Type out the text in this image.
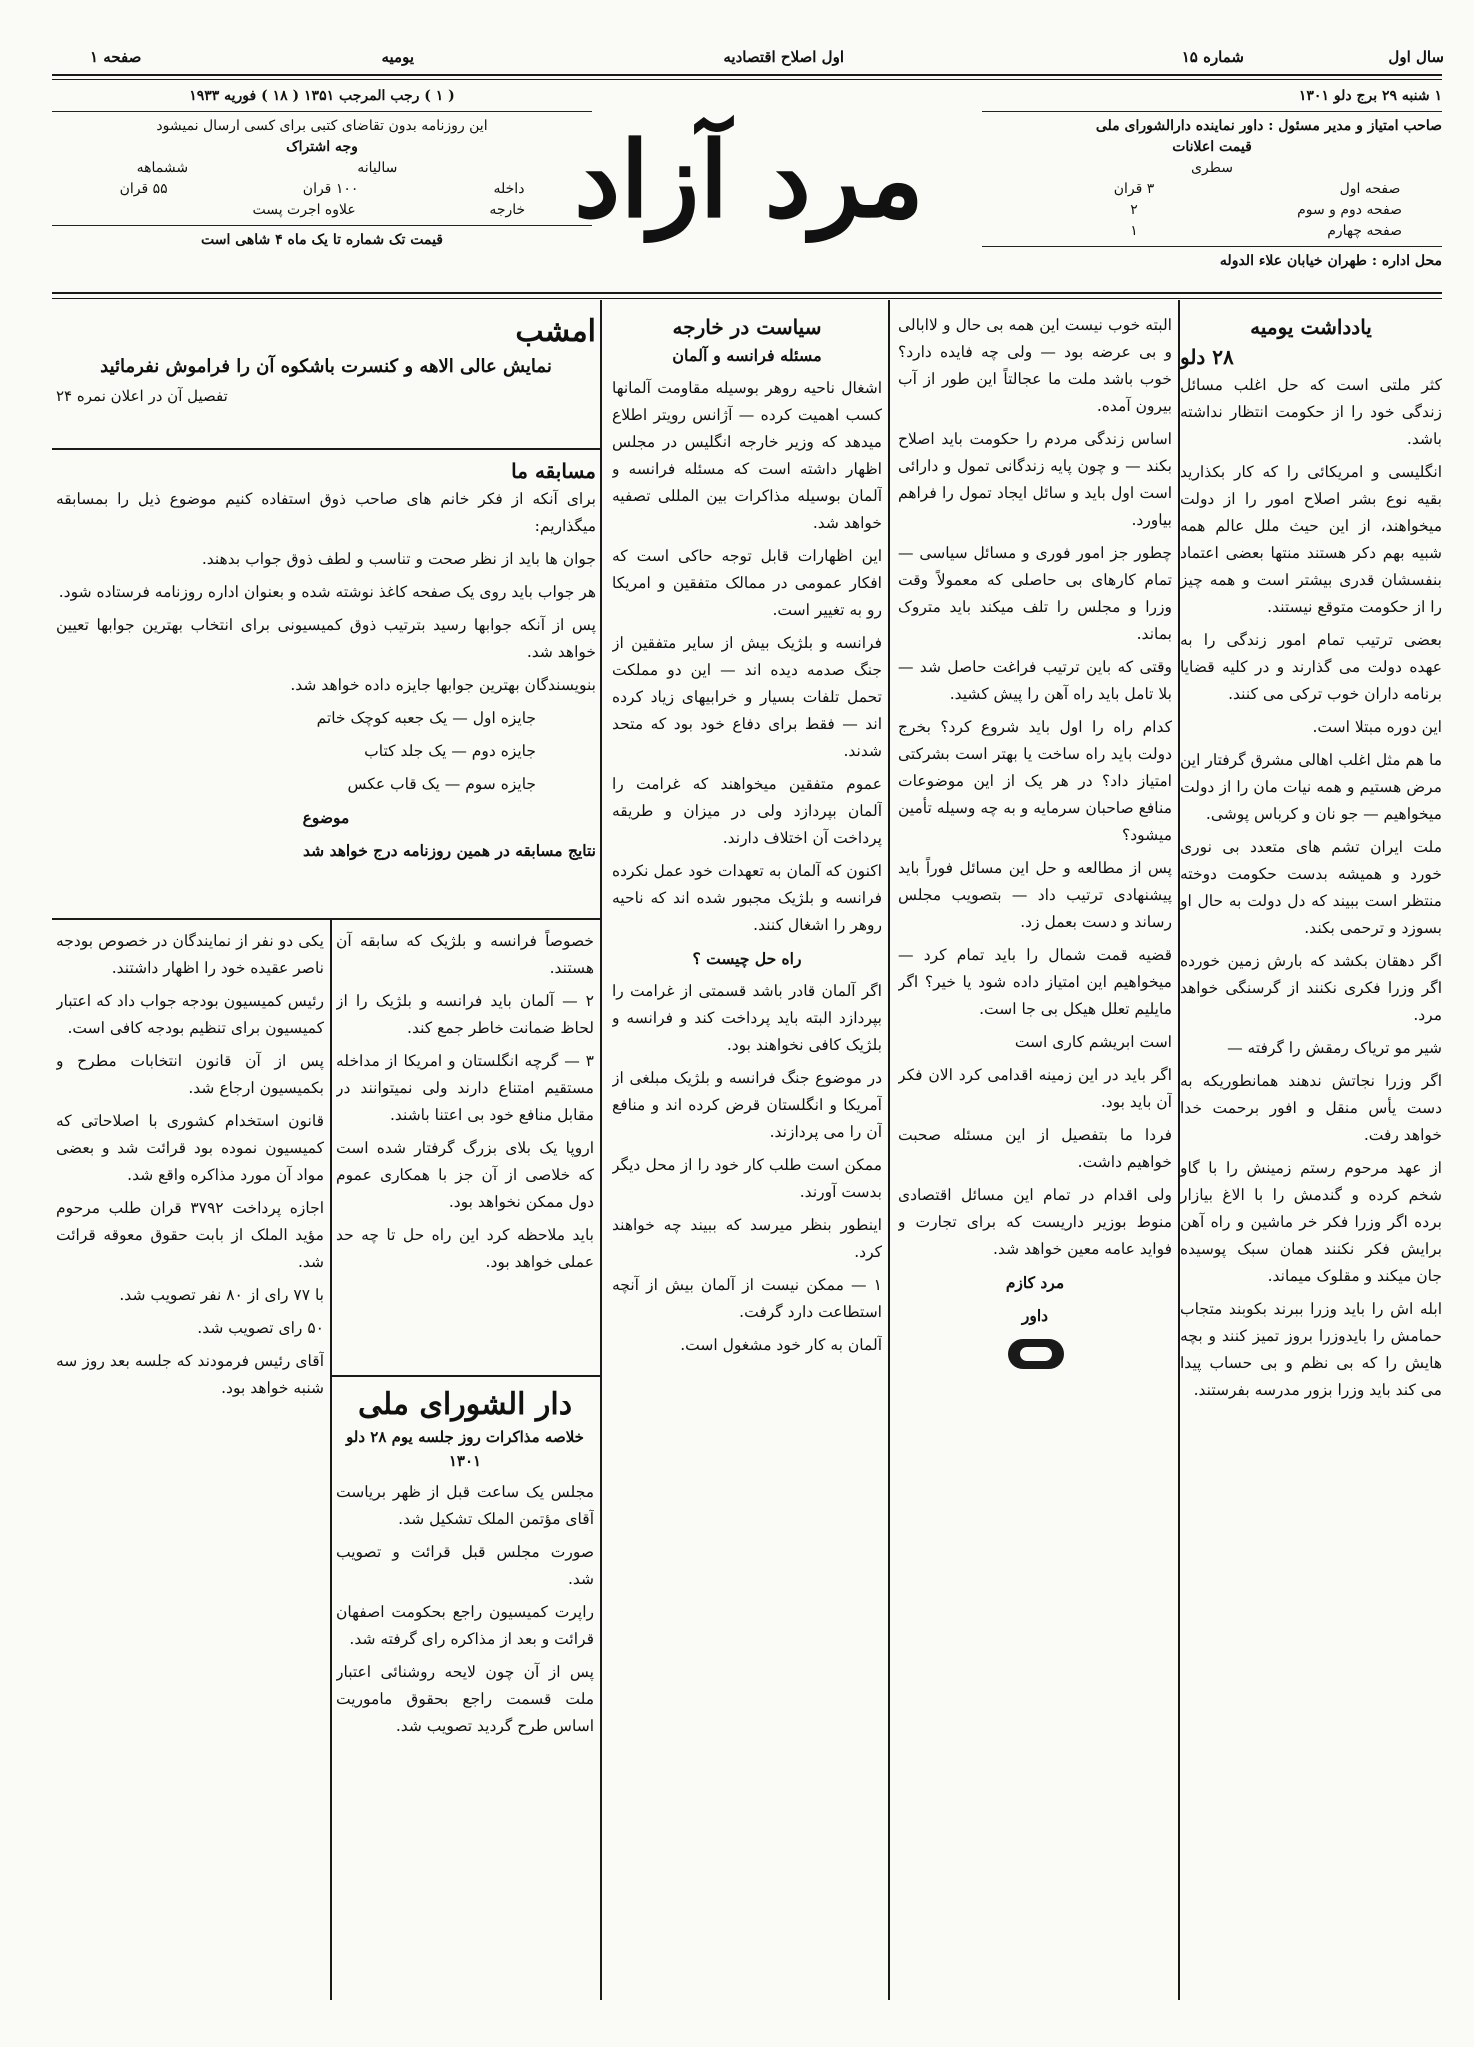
سال اول
شماره ۱۵
اول اصلاح اقتصادیه
یومیه
صفحه ۱
۱ شنبه ۲۹ برج دلو ۱۳۰۱
صاحب امتیاز و مدیر مسئول : داور نماینده دارالشورای ملی
قیمت اعلانات
سطری
صفحه اول
۳ قران
صفحه دوم و سوم
۲
صفحه چهارم
۱
محل اداره : طهران خیابان علاء الدوله
مرد آزاد
( ۱ ) رجب المرجب ۱۳۵۱ ( ۱۸ ) فوریه ۱۹۳۳
این روزنامه بدون تقاضای کتبی برای کسی ارسال نمیشود
وجه اشتراک
سالیانه
ششماهه
داخله
۱۰۰ قران
۵۵ قران
خارجه
علاوه اجرت پست
قیمت تک شماره تا یک ماه ۴ شاهی است
یادداشت یومیه
۲۸ دلو

کثر ملتی است که حل اغلب مسائل زندگی خود را از حکومت انتظار نداشته باشد.

انگلیسی و امریکائی را که کار بکذارید بقیه نوع بشر اصلاح امور را از دولت میخواهند، از این حیث ملل عالم همه شبیه بهم دکر هستند منتها بعضی اعتماد بنفسشان قدری بیشتر است و همه چیز را از حکومت متوقع نیستند.

بعضی ترتیب تمام امور زندگی را به عهده دولت می گذارند و در کلیه قضایا برنامه داران خوب ترکی می کنند.

این دوره مبتلا است.

ما هم مثل اغلب اهالی مشرق گرفتار این مرض هستیم و همه نیات مان را از دولت میخواهیم — جو نان و کرباس پوشی.

ملت ایران تشم های متعدد بی نوری خورد و همیشه بدست حکومت دوخته منتظر است ببیند که دل دولت به حال او بسوزد و ترحمی بکند.

اگر دهقان بکشد که بارش زمین خورده اگر وزرا فکری نکنند از گرسنگی خواهد مرد.

شیر مو تریاک رمقش را گرفته —

اگر وزرا نجاتش ندهند همانطوریکه به دست یأس منقل و افور برحمت خدا خواهد رفت.

از عهد مرحوم رستم زمینش را با گاو شخم کرده و گندمش را با الاغ بیازار برده اگر وزرا فکر خر ماشین و راه آهن برایش فکر نکنند همان سبک پوسیده جان میکند و مقلوک میماند.

ابله اش را باید وزرا ببرند بکوبند متجاب حمامش را بایدوزرا بروز تمیز کنند و بچه هایش را که بی نظم و بی حساب پیدا می کند باید وزرا بزور مدرسه بفرستند.

البته خوب نیست این همه بی حال و لاابالی و بی عرضه بود — ولی چه فایده دارد؟ خوب باشد ملت ما عجالتاً این طور از آب بیرون آمده.

اساس زندگی مردم را حکومت باید اصلاح بکند — و چون پایه زندگانی تمول و دارائی است اول باید و سائل ایجاد تمول را فراهم بیاورد.

چطور جز امور فوری و مسائل سیاسی — تمام کارهای بی حاصلی که معمولاً وقت وزرا و مجلس را تلف میکند باید متروک بماند.

وقتی که باین ترتیب فراغت حاصل شد — بلا تامل باید راه آهن را پیش کشید.

کدام راه را اول باید شروع کرد؟ بخرج دولت باید راه ساخت یا بهتر است بشرکتی امتیاز داد؟ در هر یک از این موضوعات منافع صاحبان سرمایه و به چه وسیله تأمین میشود؟

پس از مطالعه و حل این مسائل فوراً باید پیشنهادی ترتیب داد — بتصویب مجلس رساند و دست بعمل زد.

قضیه قمت شمال را باید تمام کرد — میخواهیم این امتیاز داده شود یا خیر؟ اگر مایلیم تعلل هیکل بی جا است.

است ابریشم کاری است

اگر باید در این زمینه اقدامی کرد الان فکر آن باید بود.

فردا ما بتفصیل از این مسئله صحبت خواهیم داشت.

ولی اقدام در تمام این مسائل اقتصادی منوط بوزیر داریست که برای تجارت و فواید عامه معین خواهد شد.

مرد کازم

داور

سیاست در خارجه
مسئله فرانسه و آلمان

اشغال ناحیه روهر بوسیله مقاومت آلمانها کسب اهمیت کرده — آژانس رویتر اطلاع میدهد که وزیر خارجه انگلیس در مجلس اظهار داشته است که مسئله فرانسه و آلمان بوسیله مذاکرات بین المللی تصفیه خواهد شد.

این اظهارات قابل توجه حاکی است که افکار عمومی در ممالک متفقین و امریکا رو به تغییر است.

فرانسه و بلژیک بیش از سایر متفقین از جنگ صدمه دیده اند — این دو مملکت تحمل تلفات بسیار و خرابیهای زیاد کرده اند — فقط برای دفاع خود بود که متحد شدند.

عموم متفقین میخواهند که غرامت را آلمان بپردازد ولی در میزان و طریقه پرداخت آن اختلاف دارند.

اکنون که آلمان به تعهدات خود عمل نکرده فرانسه و بلژیک مجبور شده اند که ناحیه روهر را اشغال کنند.

راه حل چیست ؟

اگر آلمان قادر باشد قسمتی از غرامت را بپردازد البته باید پرداخت کند و فرانسه و بلژیک کافی نخواهند بود.

در موضوع جنگ فرانسه و بلژیک مبلغی از آمریکا و انگلستان قرض کرده اند و منافع آن را می پردازند.

ممکن است طلب کار خود را از محل دیگر بدست آورند.

اینطور بنظر میرسد که ببیند چه خواهند کرد.

۱ — ممکن نیست از آلمان بیش از آنچه استطاعت دارد گرفت.

آلمان به کار خود مشغول است.

امشب
نمایش عالی الاهه و کنسرت باشکوه آن را فراموش نفرمائید
تفصیل آن در اعلان نمره ۲۴
مسابقه ما

برای آنکه از فکر خانم های صاحب ذوق استفاده کنیم موضوع ذیل را بمسابقه میگذاریم:

جوان ها باید از نظر صحت و تناسب و لطف ذوق جواب بدهند.

هر جواب باید روی یک صفحه کاغذ نوشته شده و بعنوان اداره روزنامه فرستاده شود.

پس از آنکه جوابها رسید بترتیب ذوق کمیسیونی برای انتخاب بهترین جوابها تعیین خواهد شد.

بنویسندگان بهترین جوابها جایزه داده خواهد شد.

جایزه اول — یک جعبه کوچک خاتم

جایزه دوم — یک جلد کتاب

جایزه سوم — یک قاب عکس

موضوع

نتایج مسابقه در همین روزنامه درج خواهد شد

یکی دو نفر از نمایندگان در خصوص بودجه ناصر عقیده خود را اظهار داشتند.

رئیس کمیسیون بودجه جواب داد که اعتبار کمیسیون برای تنظیم بودجه کافی است.

پس از آن قانون انتخابات مطرح و بکمیسیون ارجاع شد.

قانون استخدام کشوری با اصلاحاتی که کمیسیون نموده بود قرائت شد و بعضی مواد آن مورد مذاکره واقع شد.

اجازه پرداخت ۳۷۹۲ قران طلب مرحوم مؤید الملک از بابت حقوق معوقه قرائت شد.

با ۷۷ رای از ۸۰ نفر تصویب شد.

۵۰ رای تصویب شد.

آقای رئیس فرمودند که جلسه بعد روز سه شنبه خواهد بود.

خصوصاً فرانسه و بلژیک که سابقه آن هستند.

۲ — آلمان باید فرانسه و بلژیک را از لحاظ ضمانت خاطر جمع کند.

۳ — گرچه انگلستان و امریکا از مداخله مستقیم امتناع دارند ولی نمیتوانند در مقابل منافع خود بی اعتنا باشند.

اروپا یک بلای بزرگ گرفتار شده است که خلاصی از آن جز با همکاری عموم دول ممکن نخواهد بود.

باید ملاحظه کرد این راه حل تا چه حد عملی خواهد بود.

دار الشورای ملی
خلاصه مذاکرات روز جلسه یوم ۲۸ دلو ۱۳۰۱

مجلس یک ساعت قبل از ظهر بریاست آقای مؤتمن الملک تشکیل شد.

صورت مجلس قبل قرائت و تصویب شد.

راپرت کمیسیون راجع بحکومت اصفهان قرائت و بعد از مذاکره رای گرفته شد.

پس از آن چون لایحه روشنائی اعتبار ملت قسمت راجع بحقوق ماموریت اساس طرح گردید تصویب شد.
